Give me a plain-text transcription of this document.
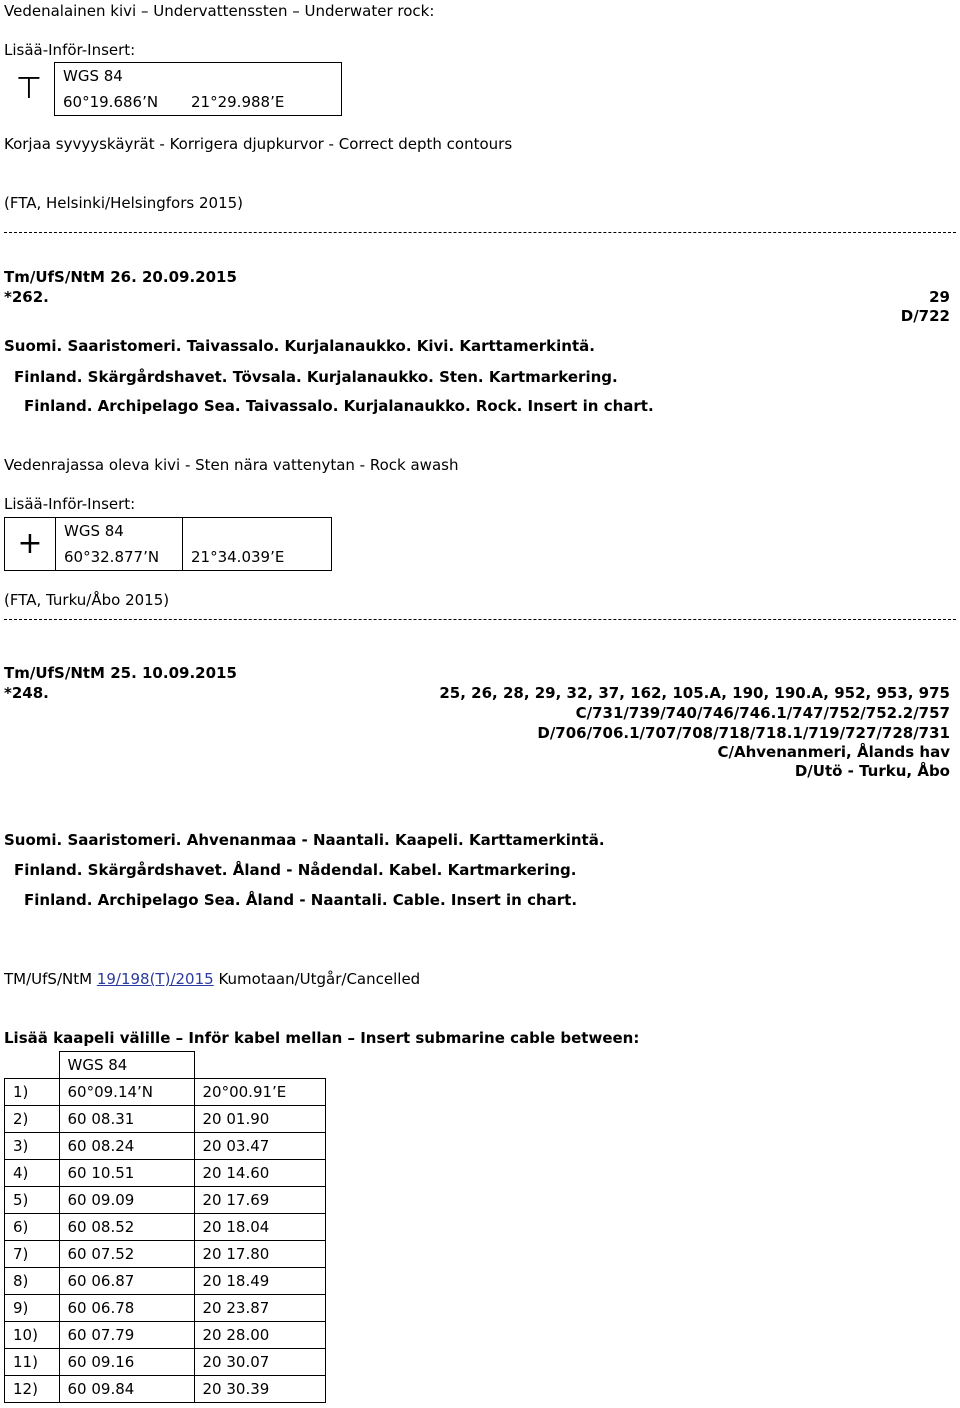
Vedenalainen kivi – Undervattenssten – Underwater rock:
Lisää-Inför-Insert:
⊤	WGS 84	
	60°19.686’N	21°29.988’E
Korjaa syvyyskäyrät - Korrigera djupkurvor - Correct depth contours
(FTA, Helsinki/Helsingfors 2015)
Tm/UfS/NtM 26. 20.09.2015
*262.	29
D/722
Suomi. Saaristomeri. Taivassalo. Kurjalanaukko. Kivi. Karttamerkintä.
Finland. Skärgårdshavet. Tövsala. Kurjalanaukko. Sten. Kartmarkering.
Finland. Archipelago Sea. Taivassalo. Kurjalanaukko. Rock. Insert in chart.
Vedenrajassa oleva kivi - Sten nära vattenytan - Rock awash
Lisää-Inför-Insert:
+	WGS 84	
	60°32.877’N	21°34.039’E
(FTA, Turku/Åbo 2015)
Tm/UfS/NtM 25. 10.09.2015
*248.	25, 26, 28, 29, 32, 37, 162, 105.A, 190, 190.A, 952, 953, 975
C/731/739/740/746/746.1/747/752/752.2/757
D/706/706.1/707/708/718/718.1/719/727/728/731
C/Ahvenanmeri, Ålands hav
D/Utö - Turku, Åbo
Suomi. Saaristomeri. Ahvenanmaa - Naantali. Kaapeli. Karttamerkintä.
Finland. Skärgårdshavet. Åland - Nådendal. Kabel. Kartmarkering.
Finland. Archipelago Sea. Åland - Naantali. Cable. Insert in chart.
TM/UfS/NtM 19/198(T)/2015 Kumotaan/Utgår/Cancelled
Lisää kaapeli välille – Inför kabel mellan – Insert submarine cable between:
	WGS 84	
1)	60°09.14’N	20°00.91’E
2)	60 08.31	20 01.90
3)	60 08.24	20 03.47
4)	60 10.51	20 14.60
5)	60 09.09	20 17.69
6)	60 08.52	20 18.04
7)	60 07.52	20 17.80
8)	60 06.87	20 18.49
9)	60 06.78	20 23.87
10)	60 07.79	20 28.00
11)	60 09.16	20 30.07
12)	60 09.84	20 30.39
